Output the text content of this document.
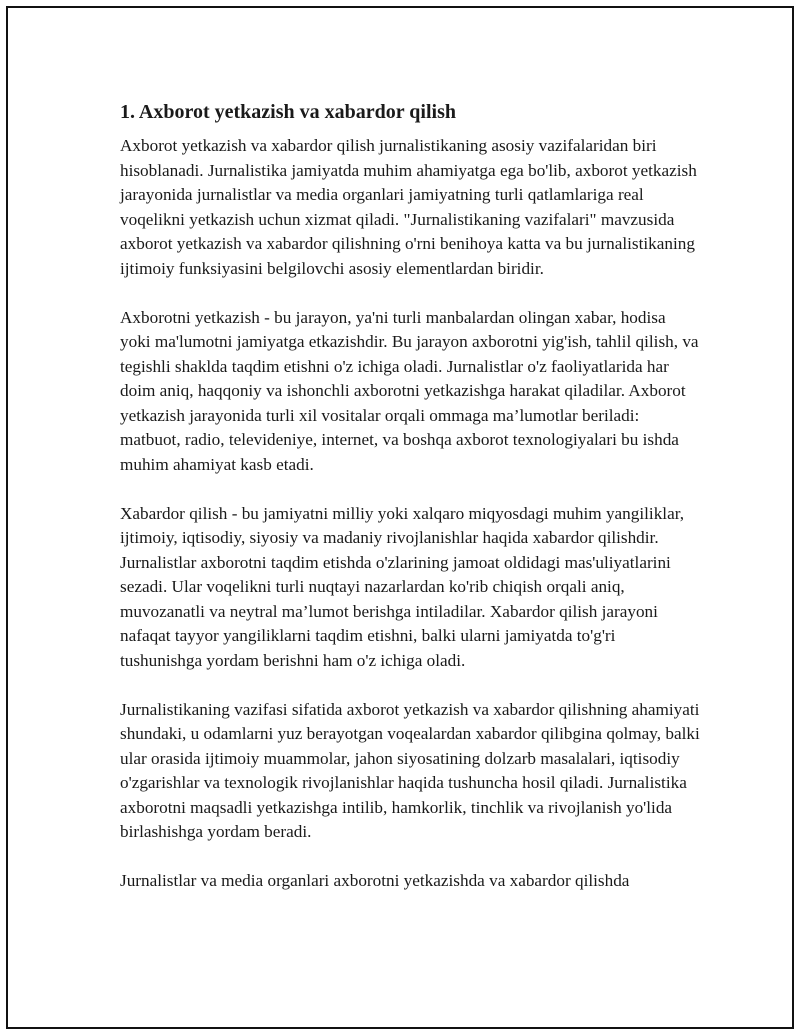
1. Axborot yetkazish va xabardor qilish

Axborot yetkazish va xabardor qilish jurnalistikaning asosiy vazifalaridan biri hisoblanadi. Jurnalistika jamiyatda muhim ahamiyatga ega bo'lib, axborot yetkazish jarayonida jurnalistlar va media organlari jamiyatning turli qatlamlariga real voqelikni yetkazish uchun xizmat qiladi. "Jurnalistikaning vazifalari" mavzusida axborot yetkazish va xabardor qilishning o'rni benihoya katta va bu jurnalistikaning ijtimoiy funksiyasini belgilovchi asosiy elementlardan biridir.

Axborotni yetkazish - bu jarayon, ya'ni turli manbalardan olingan xabar, hodisa yoki ma'lumotni jamiyatga etkazishdir. Bu jarayon axborotni yig'ish, tahlil qilish, va tegishli shaklda taqdim etishni o'z ichiga oladi. Jurnalistlar o'z faoliyatlarida har doim aniq, haqqoniy va ishonchli axborotni yetkazishga harakat qiladilar. Axborot yetkazish jarayonida turli xil vositalar orqali ommaga ma’lumotlar beriladi: matbuot, radio, televideniye, internet, va boshqa axborot texnologiyalari bu ishda muhim ahamiyat kasb etadi.

Xabardor qilish - bu jamiyatni milliy yoki xalqaro miqyosdagi muhim yangiliklar, ijtimoiy, iqtisodiy, siyosiy va madaniy rivojlanishlar haqida xabardor qilishdir. Jurnalistlar axborotni taqdim etishda o'zlarining jamoat oldidagi mas'uliyatlarini sezadi. Ular voqelikni turli nuqtayi nazarlardan ko'rib chiqish orqali aniq, muvozanatli va neytral ma’lumot berishga intiladilar. Xabardor qilish jarayoni nafaqat tayyor yangiliklarni taqdim etishni, balki ularni jamiyatda to'g'ri tushunishga yordam berishni ham o'z ichiga oladi.

Jurnalistikaning vazifasi sifatida axborot yetkazish va xabardor qilishning ahamiyati shundaki, u odamlarni yuz berayotgan voqealardan xabardor qilibgina qolmay, balki ular orasida ijtimoiy muammolar, jahon siyosatining dolzarb masalalari, iqtisodiy o'zgarishlar va texnologik rivojlanishlar haqida tushuncha hosil qiladi. Jurnalistika axborotni maqsadli yetkazishga intilib, hamkorlik, tinchlik va rivojlanish yo'lida birlashishga yordam beradi.

Jurnalistlar va media organlari axborotni yetkazishda va xabardor qilishda
